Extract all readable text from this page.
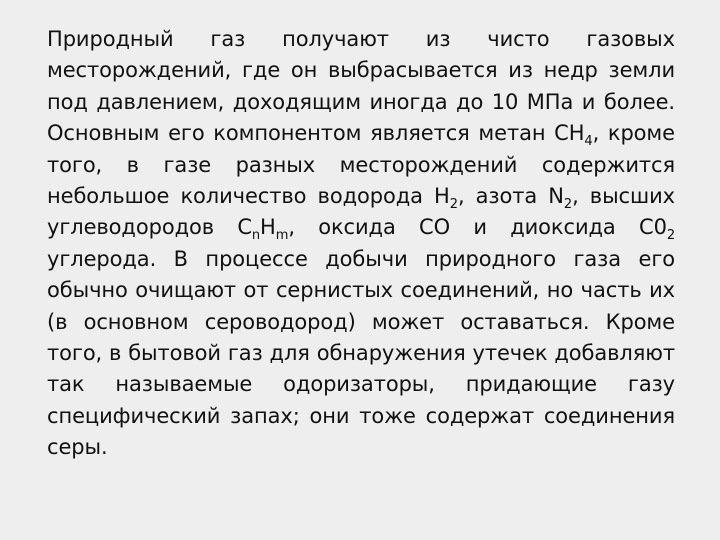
Природный газ получают из чисто газовых месторождений, где он выбрасывается из недр земли под давлением, доходящим иногда до 10 МПа и более. Основным его компонентом является метан $CH_4$, кроме того, в газе разных месторождений содержится небольшое количество водорода $H_2$, азота $N_2$, высших углеводородов $C_nH_m$, оксида CO и диоксида $C0_2$ углерода. В процессе добычи природного газа его обычно очищают от сернистых соединений, но часть их (в основном сероводород) может оставаться. Кроме того, в бытовой газ для обнаружения утечек добавляют так называемые одоризаторы, придающие газу специфический запах; они тоже содержат соединения серы.
